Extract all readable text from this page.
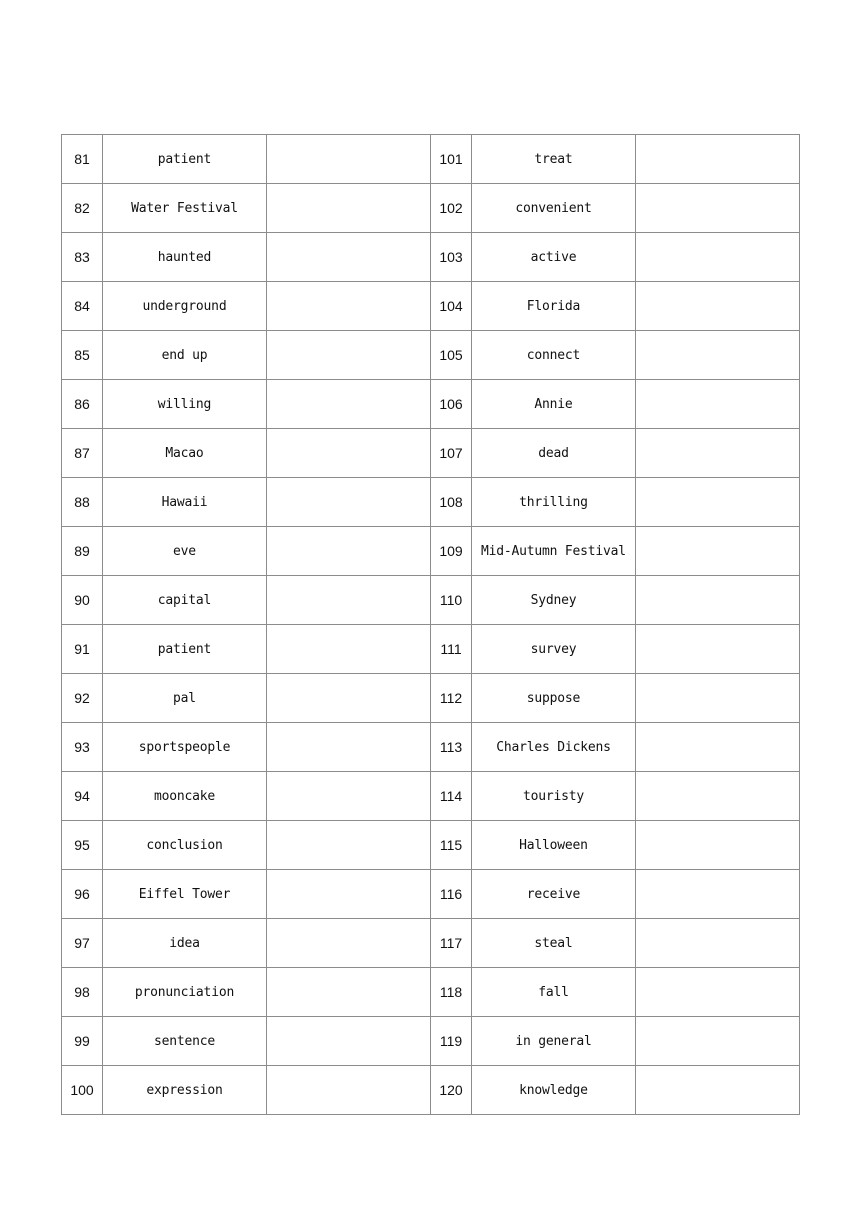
81	patient		101	treat	
82	Water Festival		102	convenient	
83	haunted		103	active	
84	underground		104	Florida	
85	end up		105	connect	
86	willing		106	Annie	
87	Macao		107	dead	
88	Hawaii		108	thrilling	
89	eve		109	Mid-Autumn Festival	
90	capital		110	Sydney	
91	patient		111	survey	
92	pal		112	suppose	
93	sportspeople		113	Charles Dickens	
94	mooncake		114	touristy	
95	conclusion		115	Halloween	
96	Eiffel Tower		116	receive	
97	idea		117	steal	
98	pronunciation		118	fall	
99	sentence		119	in general	
100	expression		120	knowledge	
